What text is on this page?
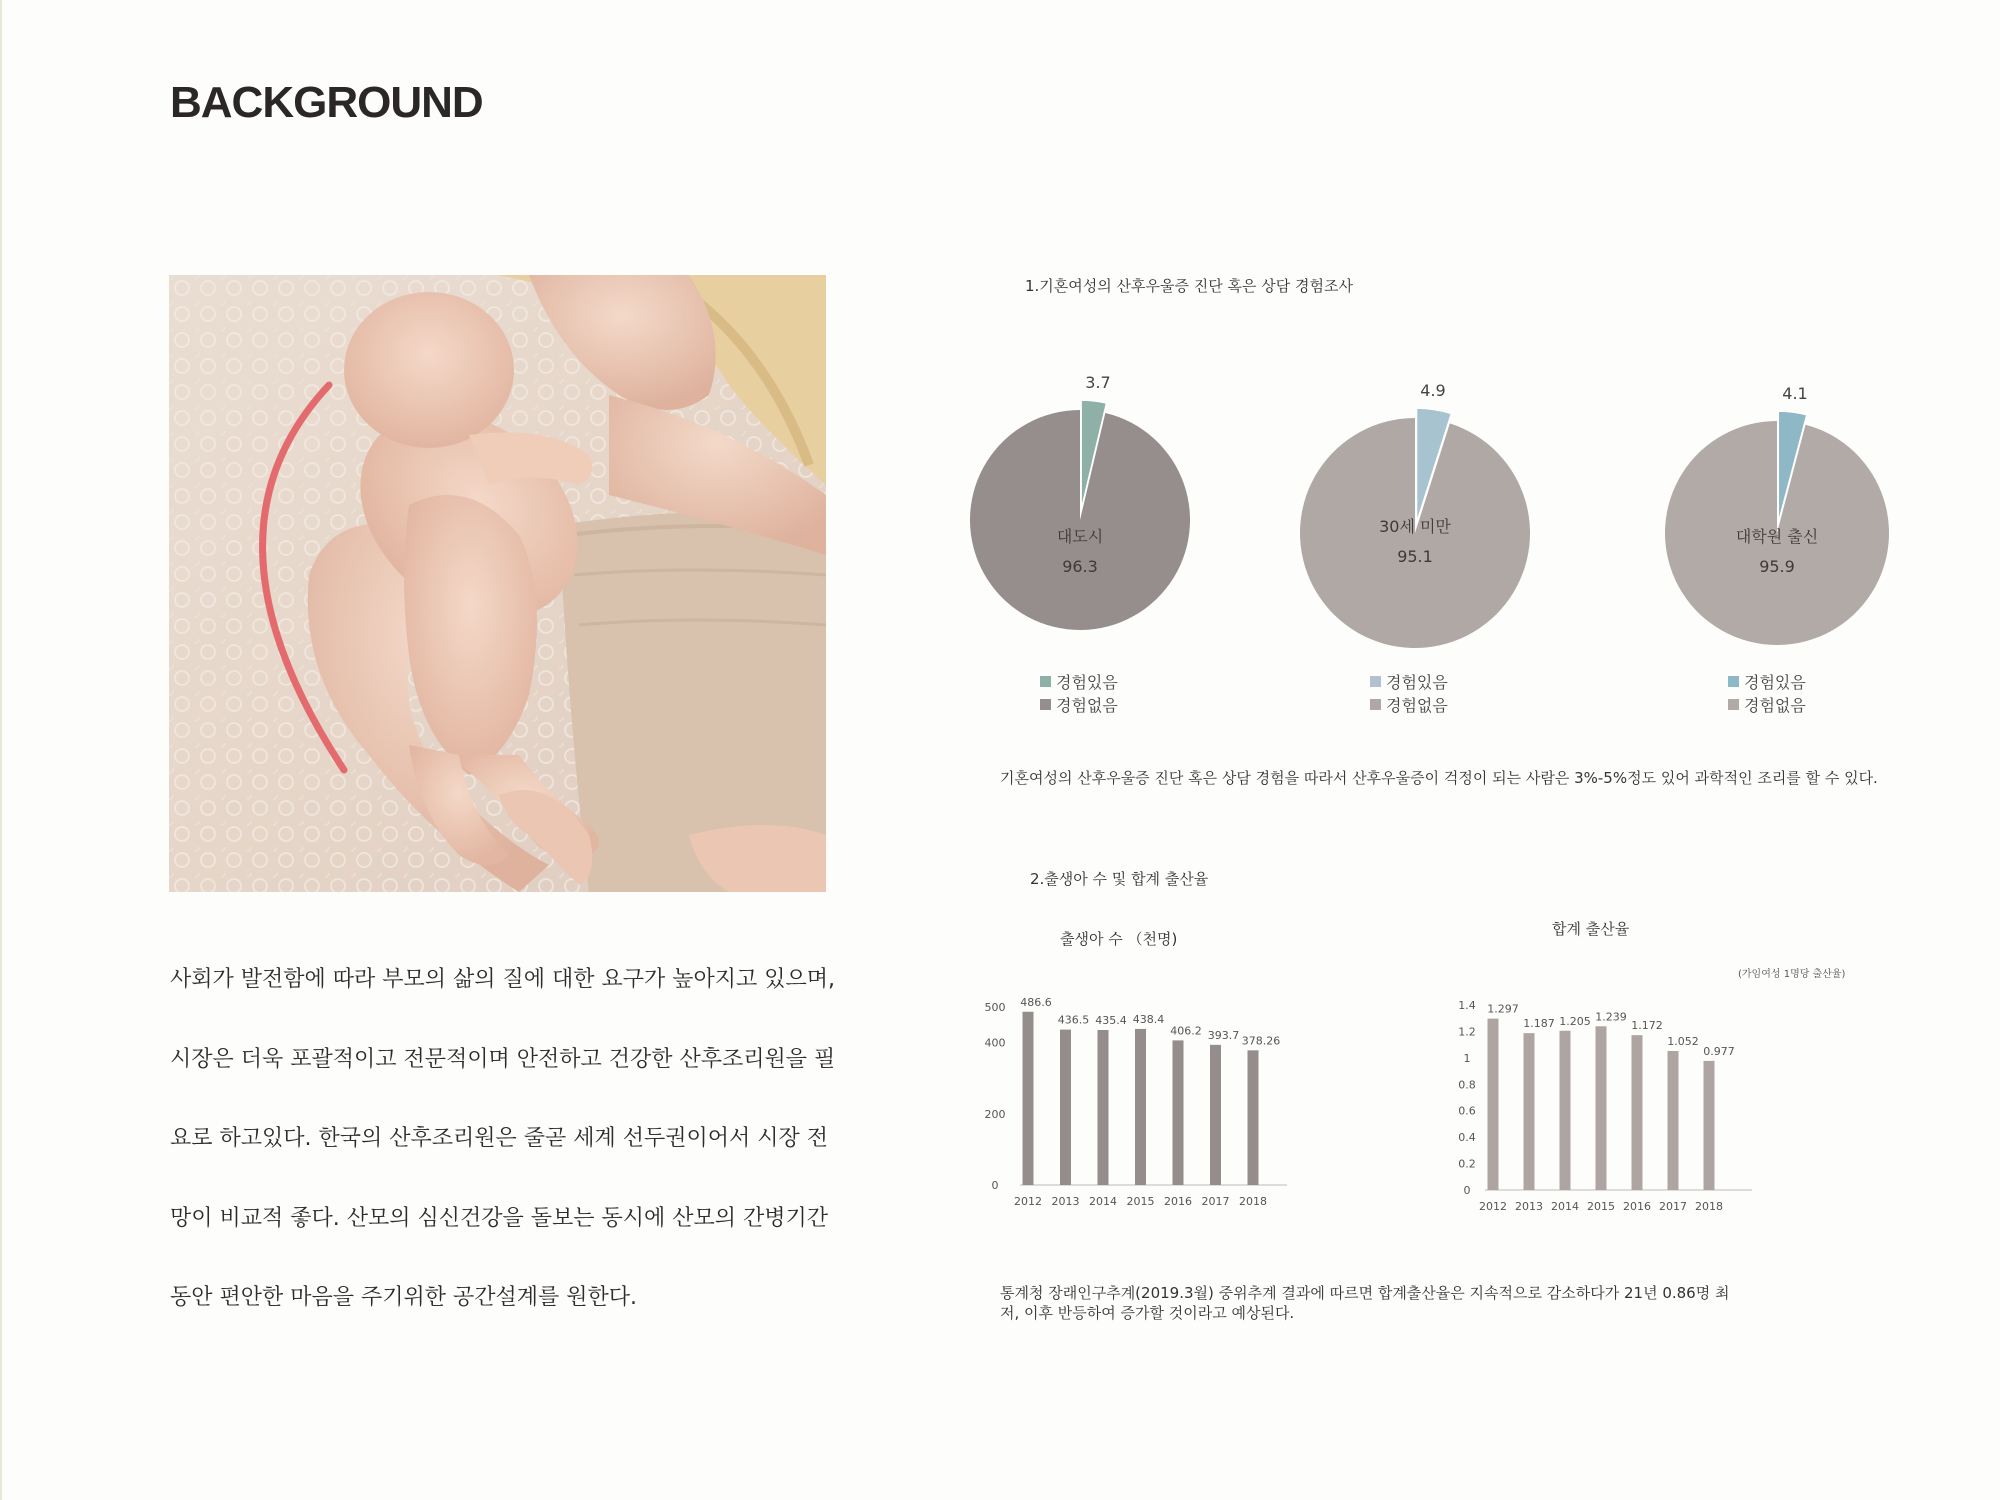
BACKGROUND

사회가 발전함에 따라 부모의 삶의 질에 대한 요구가 높아지고 있으며,

시장은 더욱 포괄적이고 전문적이며 안전하고 건강한 산후조리원을 필

요로 하고있다. 한국의 산후조리원은 줄곧 세계 선두권이어서 시장 전

망이 비교적 좋다. 산모의 심신건강을 돌보는 동시에 산모의 간병기간

동안 편안한 마음을 주기위한 공간설계를 원한다.

1.기혼여성의 산후우울증 진단 혹은 상담 경험조사

3.7
대도시
96.3
4.9
30세 미만
95.1
4.1
대학원 출신
95.9
경험있음
경험없음
경험있음
경험없음
경험있음
경험없음

기혼여성의 산후우울증 진단 혹은 상담 경험을 따라서 산후우울증이 걱정이 되는 사람은 3%-5%정도 있어 과학적인 조리를 할 수 있다.

2.출생아 수 및 합계 출산율

출생아 수 （천명)

합계 출산율

(가임여성 1명당 출산율)

500
400
200
0
486.6
2012
436.5
2013
435.4
2014
438.4
2015
406.2
2016
393.7
2017
378.26
2018
1.4
1.2
1
0.8
0.6
0.4
0.2
0
1.297
2012
1.187
2013
1.205
2014
1.239
2015
1.172
2016
1.052
2017
0.977
2018
통계청 장래인구추계(2019.3월) 중위추계 결과에 따르면 합계출산율은 지속적으로 감소하다가 21년 0.86명 최
저, 이후 반등하여 증가할 것이라고 예상된다.
